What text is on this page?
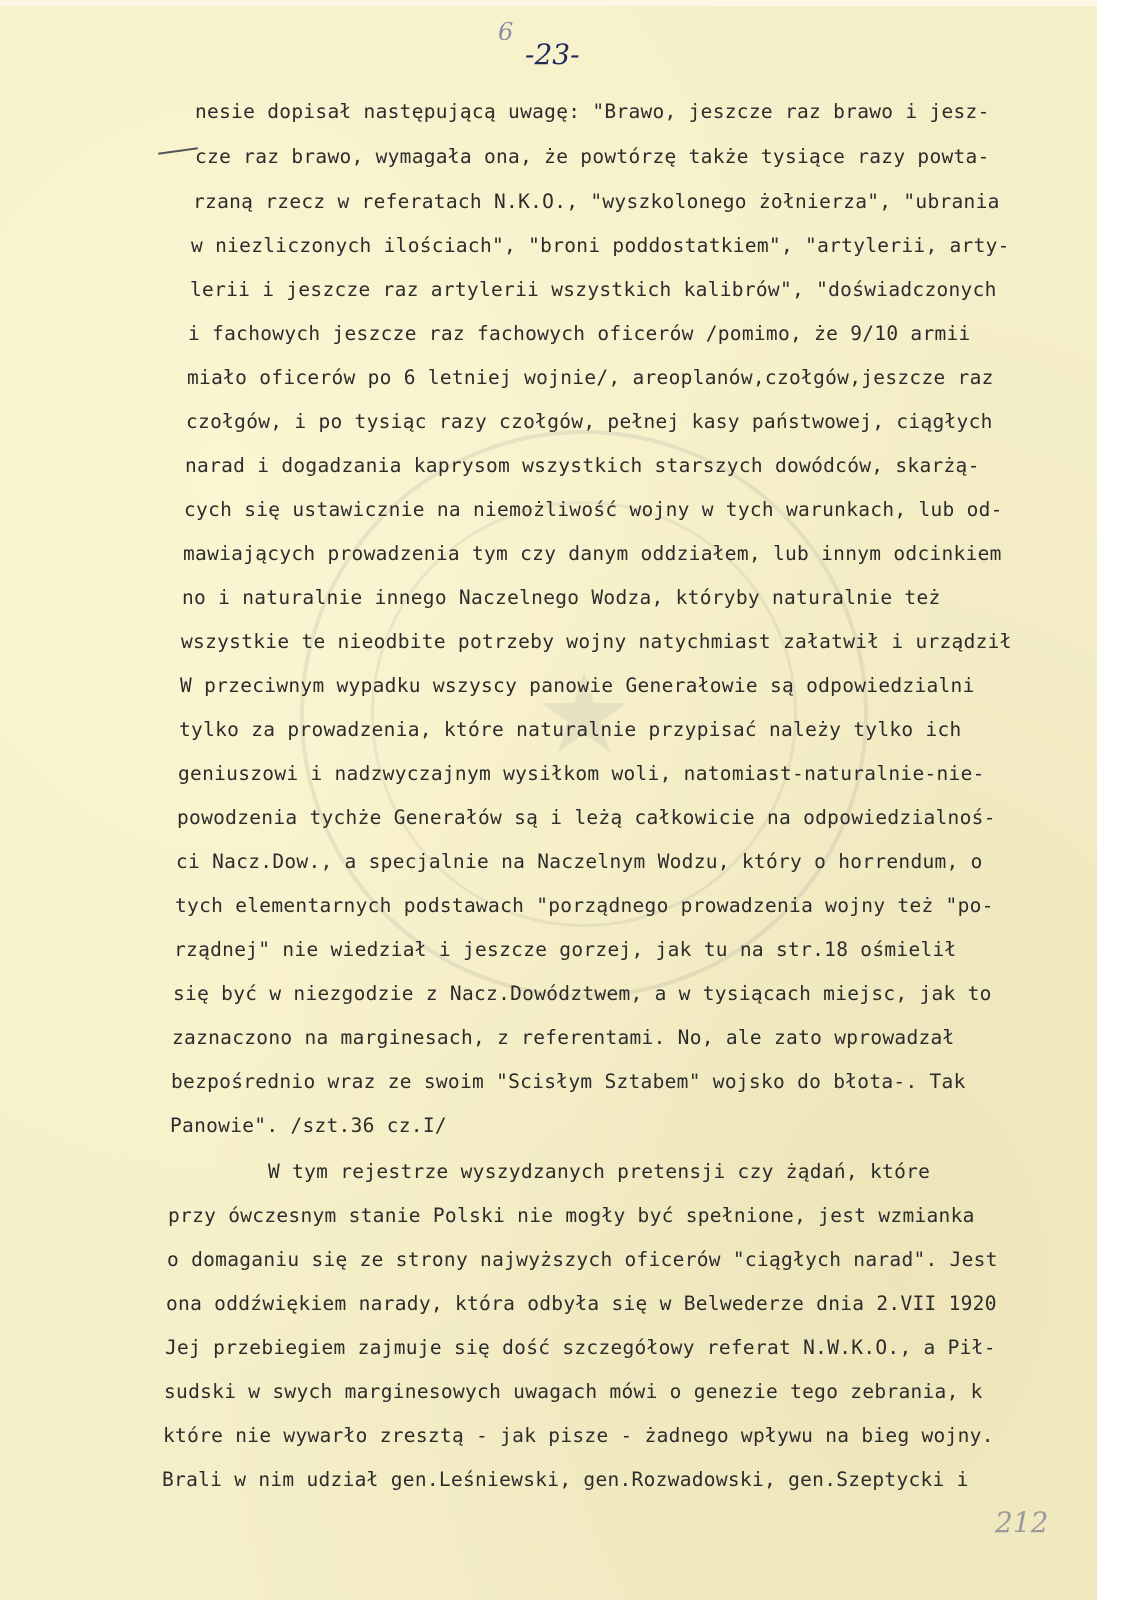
★
6
-23-
nesie dopisał następującą uwagę: "Brawo, jeszcze raz brawo i jesz-
cze raz brawo, wymagała ona, że powtórzę także tysiące razy powta-
rzaną rzecz w referatach N.K.O., "wyszkolonego żołnierza", "ubrania
w niezliczonych ilościach", "broni poddostatkiem", "artylerii, arty-
lerii i jeszcze raz artylerii wszystkich kalibrów", "doświadczonych
i fachowych jeszcze raz fachowych oficerów /pomimo, że 9/10 armii
miało oficerów po 6 letniej wojnie/, areoplanów,czołgów,jeszcze raz
czołgów, i po tysiąc razy czołgów, pełnej kasy państwowej, ciągłych
narad i dogadzania kaprysom wszystkich starszych dowódców, skarżą-
cych się ustawicznie na niemożliwość wojny w tych warunkach, lub od-
mawiających prowadzenia tym czy danym oddziałem, lub innym odcinkiem
no i naturalnie innego Naczelnego Wodza, któryby naturalnie też
wszystkie te nieodbite potrzeby wojny natychmiast załatwił i urządził
W przeciwnym wypadku wszyscy panowie Generałowie są odpowiedzialni
tylko za prowadzenia, które naturalnie przypisać należy tylko ich
geniuszowi i nadzwyczajnym wysiłkom woli, natomiast-naturalnie-nie-
powodzenia tychże Generałów są i leżą całkowicie na odpowiedzialnoś-
ci Nacz.Dow., a specjalnie na Naczelnym Wodzu, który o horrendum, o
tych elementarnych podstawach "porządnego prowadzenia wojny też "po-
rządnej" nie wiedział i jeszcze gorzej, jak tu na str.18 ośmielił
się być w niezgodzie z Nacz.Dowództwem, a w tysiącach miejsc, jak to
zaznaczono na marginesach, z referentami. No, ale zato wprowadzał
bezpośrednio wraz ze swoim "Scisłym Sztabem" wojsko do błota-. Tak
Panowie". /szt.36 cz.I/
W tym rejestrze wyszydzanych pretensji czy żądań, które
przy ówczesnym stanie Polski nie mogły być spełnione, jest wzmianka
o domaganiu się ze strony najwyższych oficerów "ciągłych narad". Jest
ona oddźwiękiem narady, która odbyła się w Belwederze dnia 2.VII 1920
Jej przebiegiem zajmuje się dość szczegółowy referat N.W.K.O., a Pił-
sudski w swych marginesowych uwagach mówi o genezie tego zebrania, k
które nie wywarło zresztą - jak pisze - żadnego wpływu na bieg wojny.
Brali w nim udział gen.Leśniewski, gen.Rozwadowski, gen.Szeptycki i
212
